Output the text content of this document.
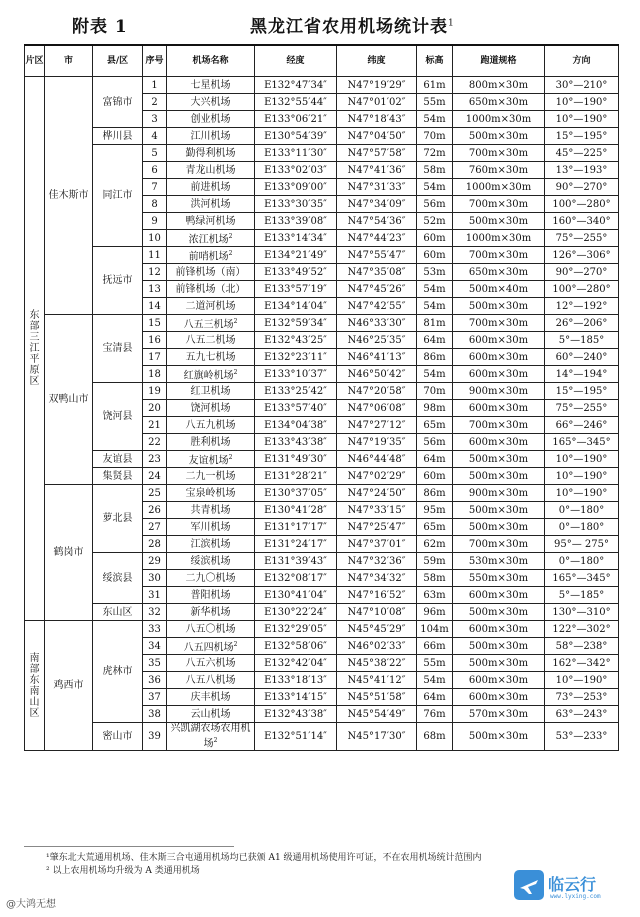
附表 1	黑龙江省农用机场统计表$^1$
片区	市	县/区	序号	机场名称	经度	纬度	标高	跑道规格	方向
东部三江平原区	佳木斯市	富锦市	1	七星机场	E132°47′34″	N47°19′29″	61m	800m×30m	30°—210°
			2	大兴机场	E132°55′44″	N47°01′02″	55m	650m×30m	10°—190°
			3	创业机场	E133°06′21″	N47°18′43″	54m	1000m×30m	10°—190°
		桦川县	4	江川机场	E130°54′39″	N47°04′50″	70m	500m×30m	15°—195°
		同江市	5	勤得利机场	E133°11′30″	N47°57′58″	72m	700m×30m	45°—225°
			6	青龙山机场	E133°02′03″	N47°41′36″	58m	760m×30m	13°—193°
			7	前进机场	E133°09′00″	N47°31′33″	54m	1000m×30m	90°—270°
			8	洪河机场	E133°30′35″	N47°34′09″	56m	700m×30m	100°—280°
			9	鸭绿河机场	E133°39′08″	N47°54′36″	52m	500m×30m	160°—340°
			10	浓江机场$^2$	E133°14′34″	N47°44′23″	60m	1000m×30m	75°—255°
		抚远市	11	前哨机场$^2$	E134°21′49″	N47°55′47″	60m	700m×30m	126°—306°
			12	前锋机场（南）	E133°49′52″	N47°35′08″	53m	650m×30m	90°—270°
			13	前锋机场（北）	E133°57′19″	N47°45′26″	54m	500m×40m	100°—280°
			14	二道河机场	E134°14′04″	N47°42′55″	54m	500m×30m	12°—192°
	双鸭山市	宝清县	15	八五三机场$^2$	E132°59′34″	N46°33′30″	81m	700m×30m	26°—206°
			16	八五二机场	E132°43′25″	N46°25′35″	64m	600m×30m	5°—185°
			17	五九七机场	E132°23′11″	N46°41′13″	86m	600m×30m	60°—240°
			18	红旗岭机场$^2$	E133°10′37″	N46°50′42″	54m	600m×30m	14°—194°
		饶河县	19	红卫机场	E133°25′42″	N47°20′58″	70m	900m×30m	15°—195°
			20	饶河机场	E133°57′40″	N47°06′08″	98m	600m×30m	75°—255°
			21	八五九机场	E134°04′38″	N47°27′12″	65m	700m×30m	66°—246°
			22	胜利机场	E133°43′38″	N47°19′35″	56m	600m×30m	165°—345°
		友谊县	23	友谊机场$^2$	E131°49′30″	N46°44′48″	64m	500m×30m	10°—190°
		集贤县	24	二九一机场	E131°28′21″	N47°02′29″	60m	500m×30m	10°—190°
	鹤岗市	萝北县	25	宝泉岭机场	E130°37′05″	N47°24′50″	86m	900m×30m	10°—190°
			26	共青机场	E130°41′28″	N47°33′15″	95m	500m×30m	0°—180°
			27	军川机场	E131°17′17″	N47°25′47″	65m	500m×30m	0°—180°
			28	江滨机场	E131°24′17″	N47°37′01″	62m	700m×30m	95°— 275°
		绥滨县	29	绥滨机场	E131°39′43″	N47°32′36″	59m	530m×30m	0°—180°
			30	二九〇机场	E132°08′17″	N47°34′32″	58m	550m×30m	165°—345°
			31	普阳机场	E130°41′04″	N47°16′52″	63m	600m×30m	5°—185°
		东山区	32	新华机场	E130°22′24″	N47°10′08″	96m	500m×30m	130°—310°
南部东南山区	鸡西市	虎林市	33	八五〇机场	E132°29′05″	N45°45′29″	104m	600m×30m	122°—302°
			34	八五四机场$^2$	E132°58′06″	N46°02′33″	66m	500m×30m	58°—238°
			35	八五六机场	E132°42′04″	N45°38′22″	55m	500m×30m	162°—342°
			36	八五八机场	E133°18′13″	N45°41′12″	54m	600m×30m	10°—190°
			37	庆丰机场	E133°14′15″	N45°51′58″	64m	600m×30m	73°—253°
			38	云山机场	E132°43′38″	N45°54′49″	76m	570m×30m	63°—243°
		密山市	39	兴凯湖农场农用机场$^2$	E132°51′14″	N45°17′30″	68m	500m×30m	53°—233°
¹肇东北大荒通用机场、佳木斯三合屯通用机场均已获颁 A1 级通用机场使用许可证，不在农用机场统计范围内
² 以上农用机场均升级为 A 类通用机场
@大鸿无想
临云行
www.lyxing.com
